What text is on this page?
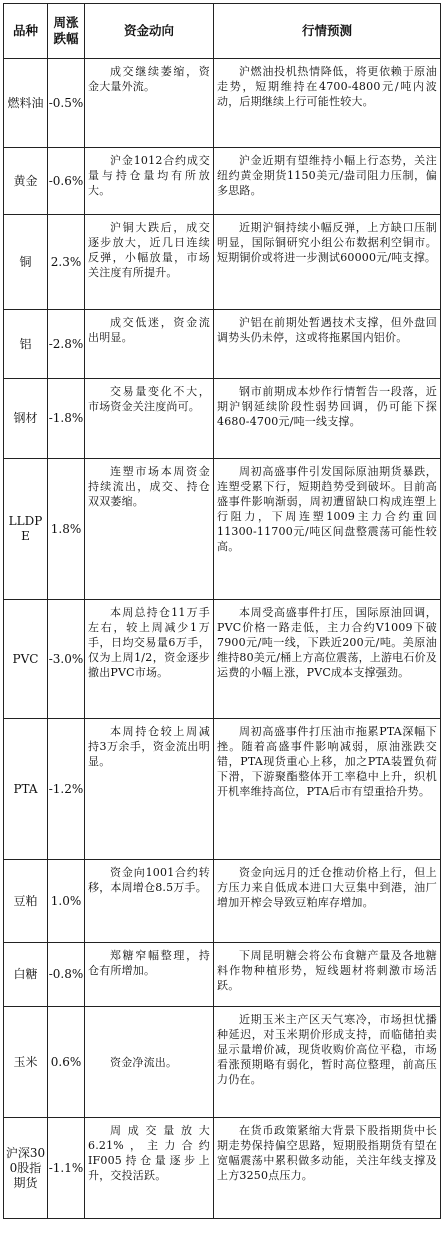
品种	周涨跌幅	资金动向	行情预测
燃料油	-0.5%	成交继续萎缩，资金大量外流。	沪燃油投机热情降低，将更依赖于原油走势，短期维持在4700-4800元/吨内波动，后期继续上行可能性较大。
黄金	-0.6%	沪金1012合约成交量与持仓量均有所放大。	沪金近期有望维持小幅上行态势，关注纽约黄金期货1150美元/盎司阻力压制，偏多思路。
铜	2.3%	沪铜大跌后，成交逐步放大，近几日连续反弹，小幅放量，市场关注度有所提升。	近期沪铜持续小幅反弹，上方缺口压制明显，国际铜研究小组公布数据利空铜市。短期铜价或将进一步测试60000元/吨支撑。
铝	-2.8%	成交低迷，资金流出明显。	沪铝在前期处暂遇技术支撑，但外盘回调势头仍未停，这或将拖累国内铝价。
钢材	-1.8%	交易量变化不大，市场资金关注度尚可。	钢市前期成本炒作行情暂告一段落，近期沪钢延续阶段性弱势回调，仍可能下探4680-4700元/吨一线支撑。
LLDPE	1.8%	连塑市场本周资金持续流出，成交、持仓双双萎缩。	周初高盛事件引发国际原油期货暴跌，连塑受累下行，短期趋势受到破坏。目前高盛事件影响渐弱，周初遭留缺口构成连塑上行阻力，下周连塑1009主力合约重回11300-11700元/吨区间盘整震荡可能性较高。
PVC	-3.0%	本周总持仓11万手左右，较上周减少1万手，日均交易量6万手，仅为上周1/2，资金逐步撤出PVC市场。	本周受高盛事件打压，国际原油回调，PVC价格一路走低，主力合约V1009下破7900元/吨一线，下跌近200元/吨。美原油维持80美元/桶上方高位震荡，上游电石价及运费的小幅上涨，PVC成本支撑强劲。
PTA	-1.2%	本周持仓较上周减持3万余手，资金流出明显。	周初高盛事件打压油市拖累PTA深幅下挫。随着高盛事件影响减弱，原油涨跌交错，PTA现货重心上移，加之PTA装置负荷下滑，下游聚酯整体开工率稳中上升，织机开机率维持高位，PTA后市有望重拾升势。
豆粕	1.0%	资金向1001合约转移，本周增仓8.5万手。	资金向远月的迁仓推动价格上行，但上方压力来自低成本进口大豆集中到港，油厂增加开榨会导致豆粕库存增加。
白糖	-0.8%	郑糖窄幅整理，持仓有所增加。	下周昆明糖会将公布食糖产量及各地糖料作物种植形势，短线题材将刺激市场活跃。
玉米	0.6%	资金净流出。	近期玉米主产区天气寒冷，市场担忧播种延迟，对玉米期价形成支持，而临储拍卖显示量增价减，现货收购价高位平稳，市场看涨预期略有弱化，暂时高位整理，前高压力仍在。
沪深300股指期货	-1.1%	周成交量放大6.21%，主力合约IF005持仓量逐步上升，交投活跃。	在货币政策紧缩大背景下股指期货中长期走势保持偏空思路，短期股指期货有望在宽幅震荡中累积做多动能，关注年线支撑及上方3250点压力。
